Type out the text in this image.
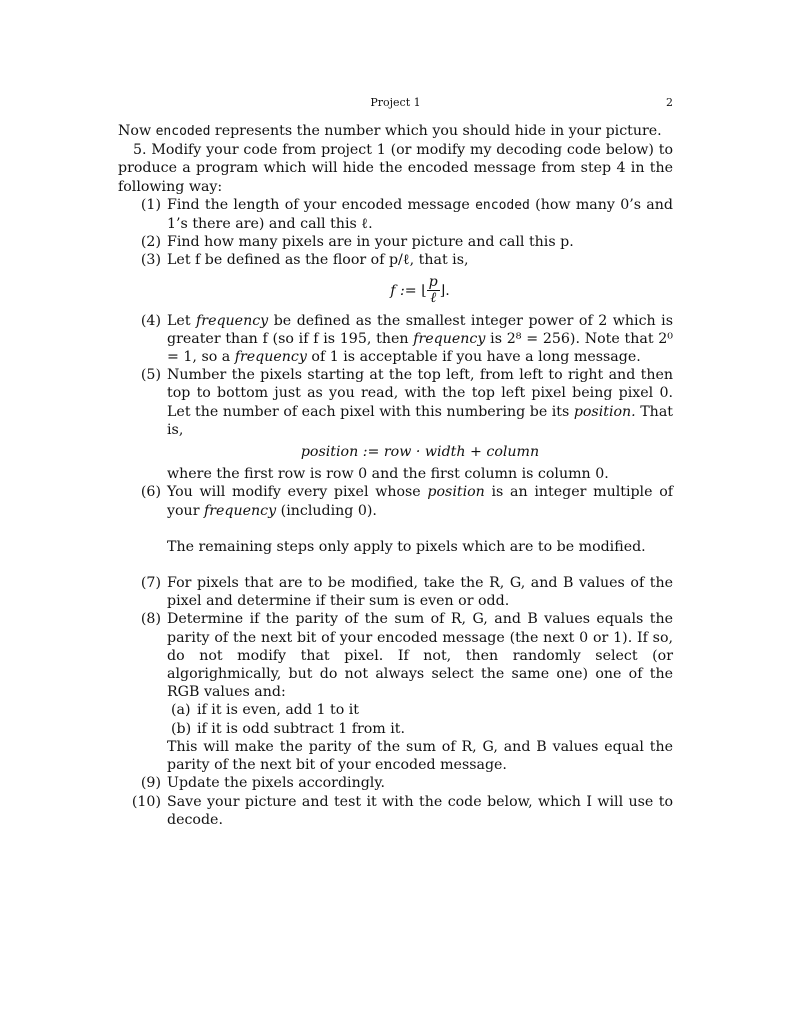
Project 1	2

Now encoded represents the number which you should hide in your picture.

5. Modify your code from project 1 (or modify my decoding code below) to produce a program which will hide the encoded message from step 4 in the following way:

(1) Find the length of your encoded message encoded (how many 0’s and 1’s there are) and call this ℓ.
(2) Find how many pixels are in your picture and call this p.
(3) Let f be defined as the floor of p/ℓ, that is,
f := ⌊ $\frac{p}{\text{ℓ}}$ ⌋ .
(4) Let frequency be defined as the smallest integer power of 2 which is greater than f (so if f is 195, then frequency is 2⁸ = 256). Note that 2⁰ = 1, so a frequency of 1 is acceptable if you have a long message.
(5) Number the pixels starting at the top left, from left to right and then top to bottom just as you read, with the top left pixel being pixel 0. Let the number of each pixel with this numbering be its position. That is,
position := row · width + column
where the first row is row 0 and the first column is column 0.
(6) You will modify every pixel whose position is an integer multiple of your frequency (including 0).
The remaining steps only apply to pixels which are to be modified.
(7) For pixels that are to be modified, take the R, G, and B values of the pixel and determine if their sum is even or odd.
(8) Determine if the parity of the sum of R, G, and B values equals the parity of the next bit of your encoded message (the next 0 or 1). If so, do not modify that pixel. If not, then randomly select (or algorighmically, but do not always select the same one) one of the RGB values and:
(a) if it is even, add 1 to it
(b) if it is odd subtract 1 from it.
This will make the parity of the sum of R, G, and B values equal the parity of the next bit of your encoded message.
(9) Update the pixels accordingly.
(10) Save your picture and test it with the code below, which I will use to decode.
